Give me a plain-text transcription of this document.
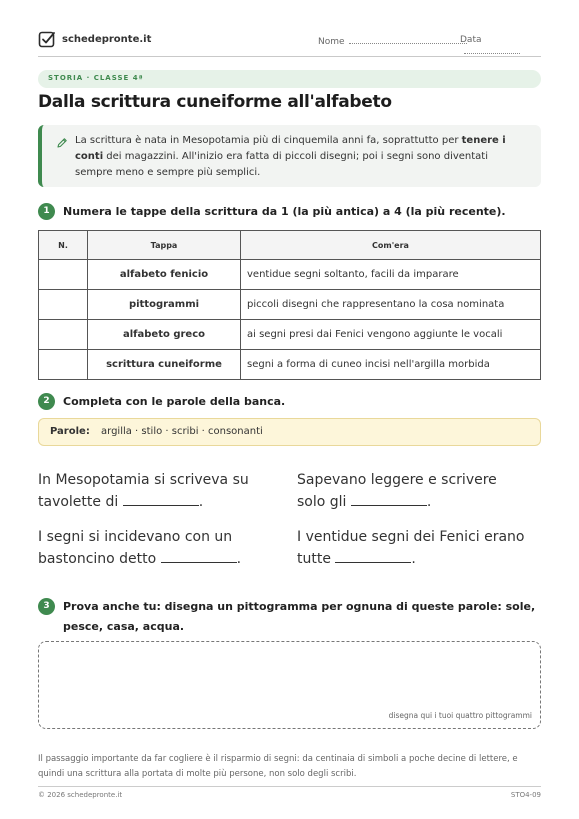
schedepronte.it	Nome	Data
STORIA · CLASSE 4ª
Dalla scrittura cuneiforme all'alfabeto

La scrittura è nata in Mesopotamia più di cinquemila anni fa, soprattutto per tenere i conti dei magazzini. All'inizio era fatta di piccoli disegni; poi i segni sono diventati sempre meno e sempre più semplici.

1	Numera le tappe della scrittura da 1 (la più antica) a 4 (la più recente).
N.	Tappa	Com'era
	alfabeto fenicio	ventidue segni soltanto, facili da imparare
	pittogrammi	piccoli disegni che rappresentano la cosa nominata
	alfabeto greco	ai segni presi dai Fenici vengono aggiunte le vocali
	scrittura cuneiforme	segni a forma di cuneo incisi nell'argilla morbida
2	Completa con le parole della banca.
Parole: argilla · stilo · scribi · consonanti
In Mesopotamia si scriveva su tavolette di	.
Sapevano leggere e scrivere solo gli	.
I segni si incidevano con un bastoncino detto	.
I ventidue segni dei Fenici erano tutte	.
3	Prova anche tu: disegna un pittogramma per ognuna di queste parole: sole, pesce, casa, acqua.
disegna qui i tuoi quattro pittogrammi

Il passaggio importante da far cogliere è il risparmio di segni: da centinaia di simboli a poche decine di lettere, e quindi una scrittura alla portata di molte più persone, non solo degli scribi.

© 2026 schedepronte.it	STO4-09
